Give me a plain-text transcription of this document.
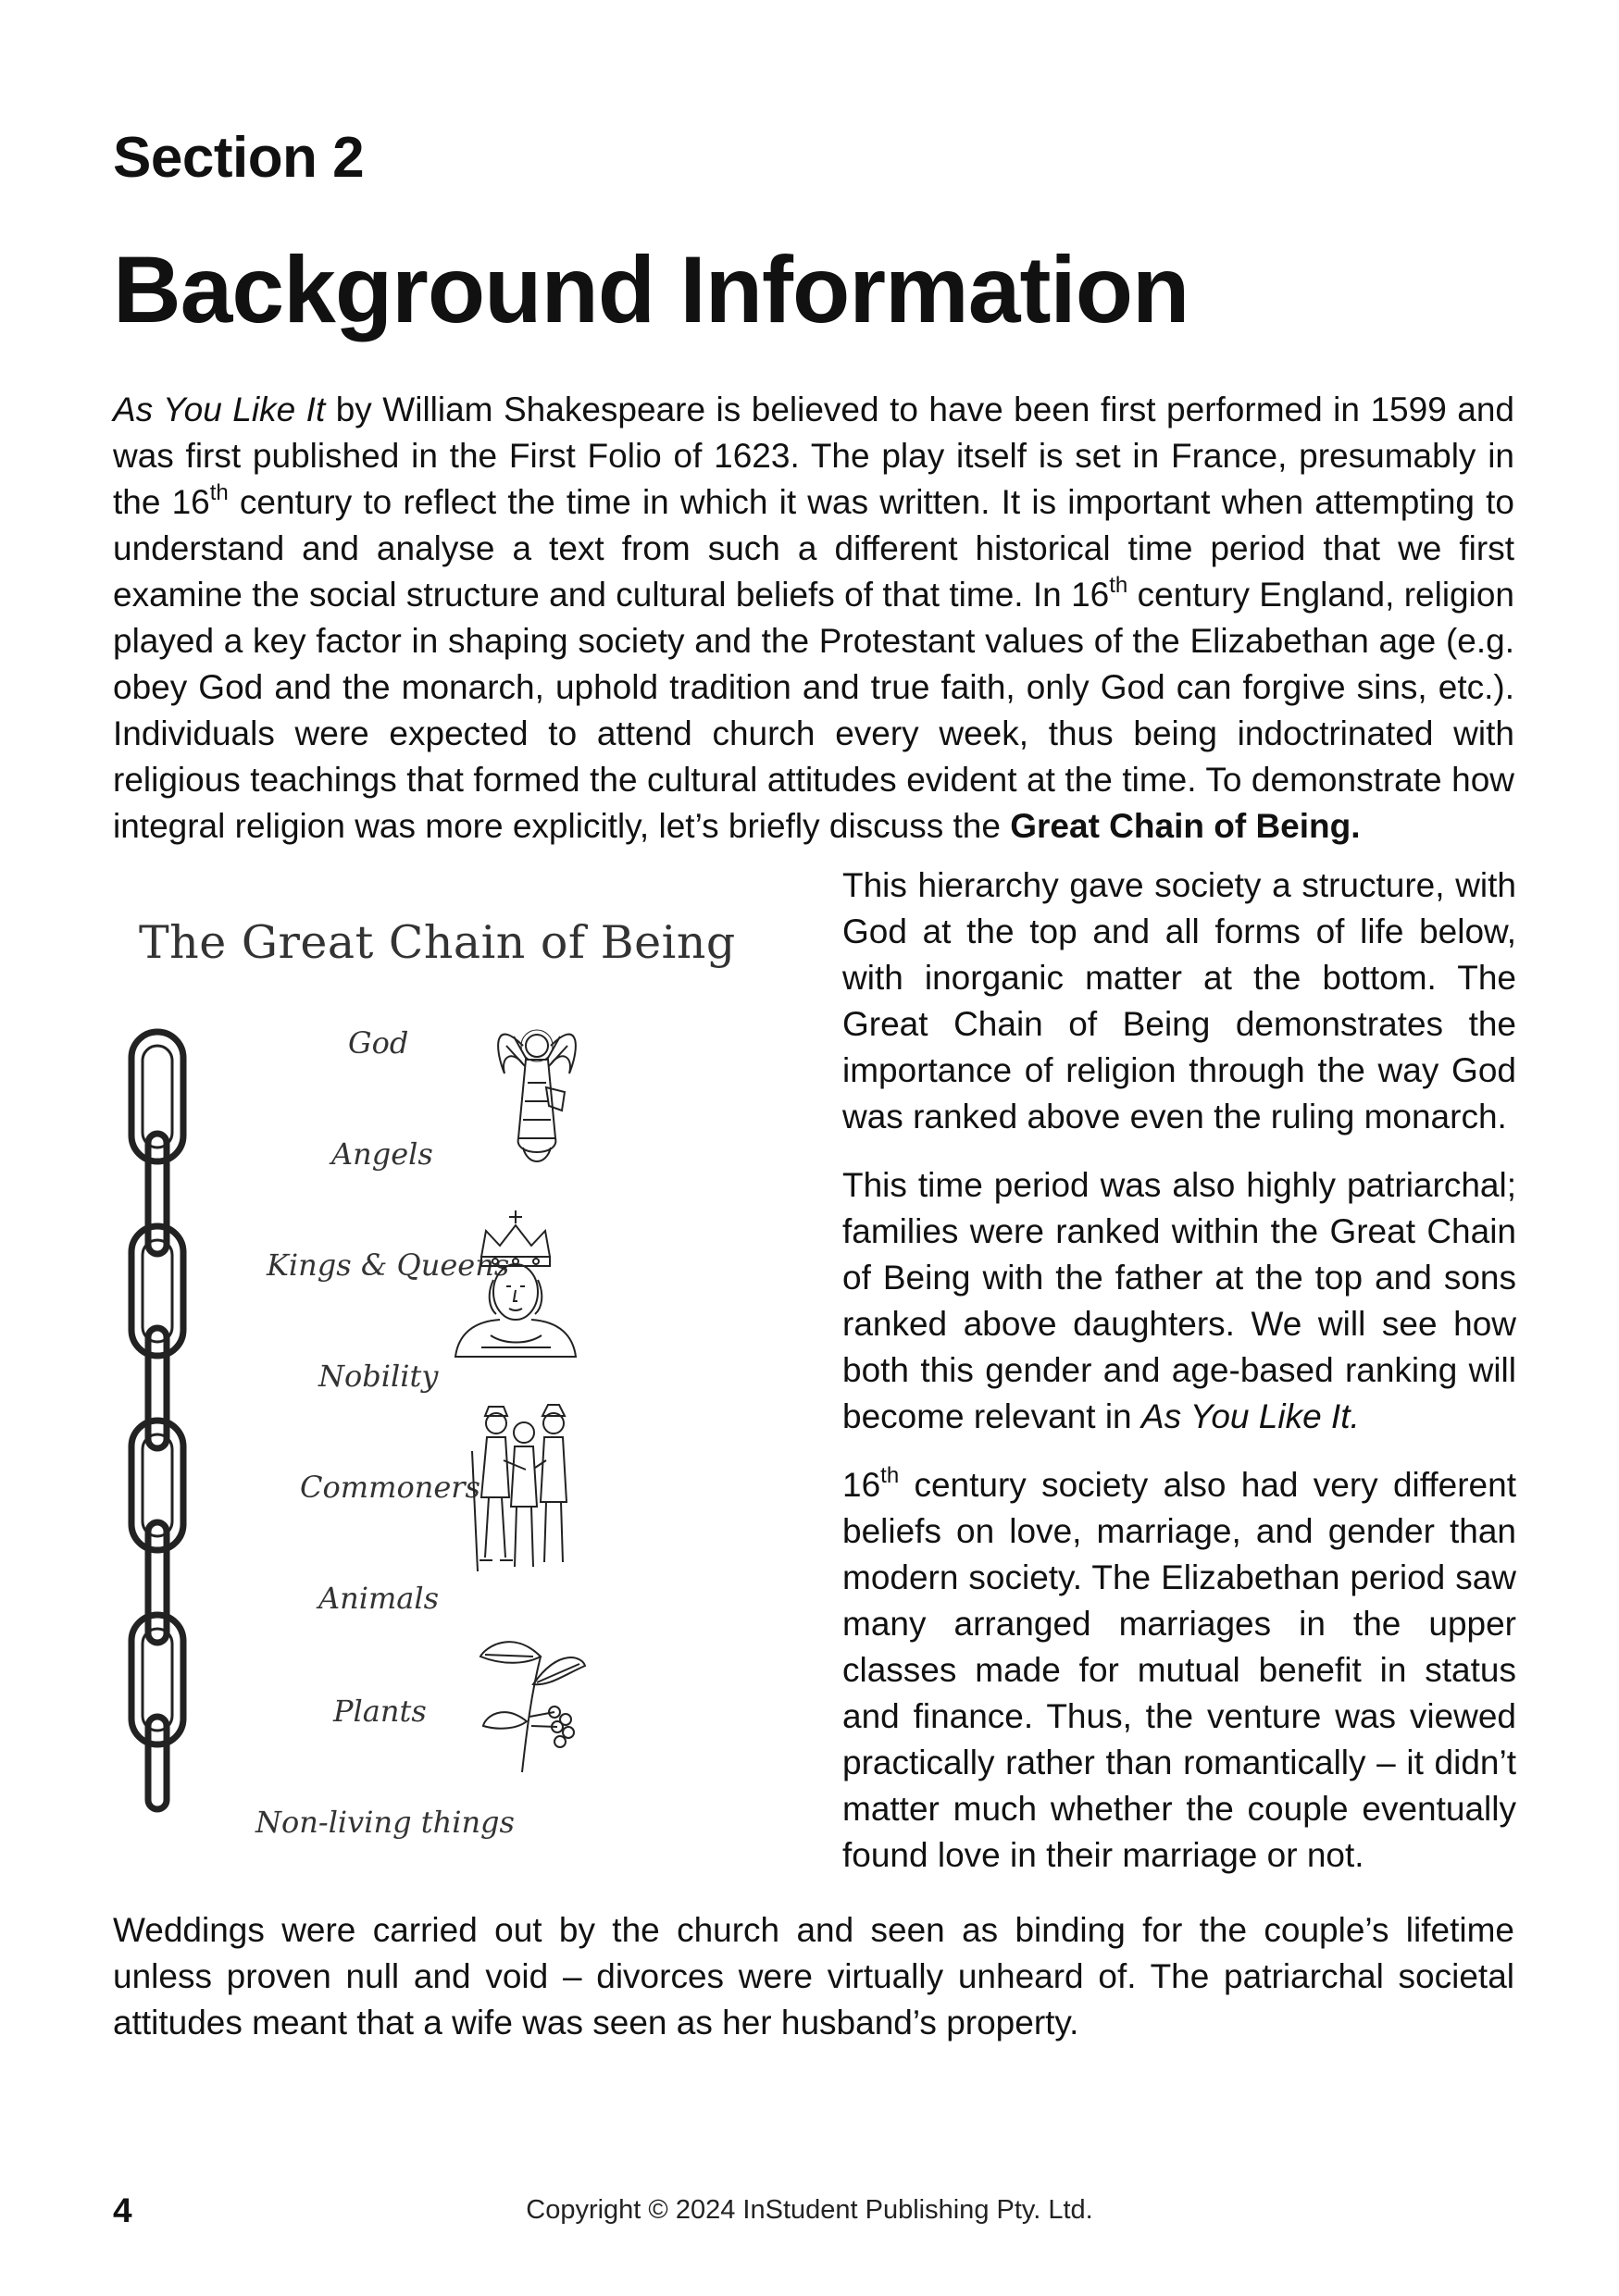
Section 2
Background Information

As You Like It by William Shakespeare is believed to have been first performed in 1599 and was first published in the First Folio of 1623. The play itself is set in France, presumably in the 16th century to reflect the time in which it was written. It is important when attempting to understand and analyse a text from such a different historical time period that we first examine the social structure and cultural beliefs of that time. In 16th century England, religion played a key factor in shaping society and the Protestant values of the Elizabethan age (e.g. obey God and the monarch, uphold tradition and true faith, only God can forgive sins, etc.). Individuals were expected to attend church every week, thus being indoctrinated with religious teachings that formed the cultural attitudes evident at the time. To demonstrate how integral religion was more explicitly, let’s briefly discuss the Great Chain of Being.

The Great Chain of Being
God
Angels
Kings & Queens
Nobility
Commoners
Animals
Plants
Non-living things

This hierarchy gave society a structure, with God at the top and all forms of life below, with inorganic matter at the bottom. The Great Chain of Being demonstrates the importance of religion through the way God was ranked above even the ruling monarch.

This time period was also highly patriarchal; families were ranked within the Great Chain of Being with the father at the top and sons ranked above daughters. We will see how both this gender and age-based ranking will become relevant in As You Like It.

16th century society also had very different beliefs on love, marriage, and gender than modern society. The Elizabethan period saw many arranged marriages in the upper classes made for mutual benefit in status and finance. Thus, the venture was viewed practically rather than romantically – it didn’t matter much whether the couple eventually found love in their marriage or not.

Weddings were carried out by the church and seen as binding for the couple’s lifetime unless proven null and void – divorces were virtually unheard of. The patriarchal societal attitudes meant that a wife was seen as her husband’s property.

4	Copyright © 2024 InStudent Publishing Pty. Ltd.
